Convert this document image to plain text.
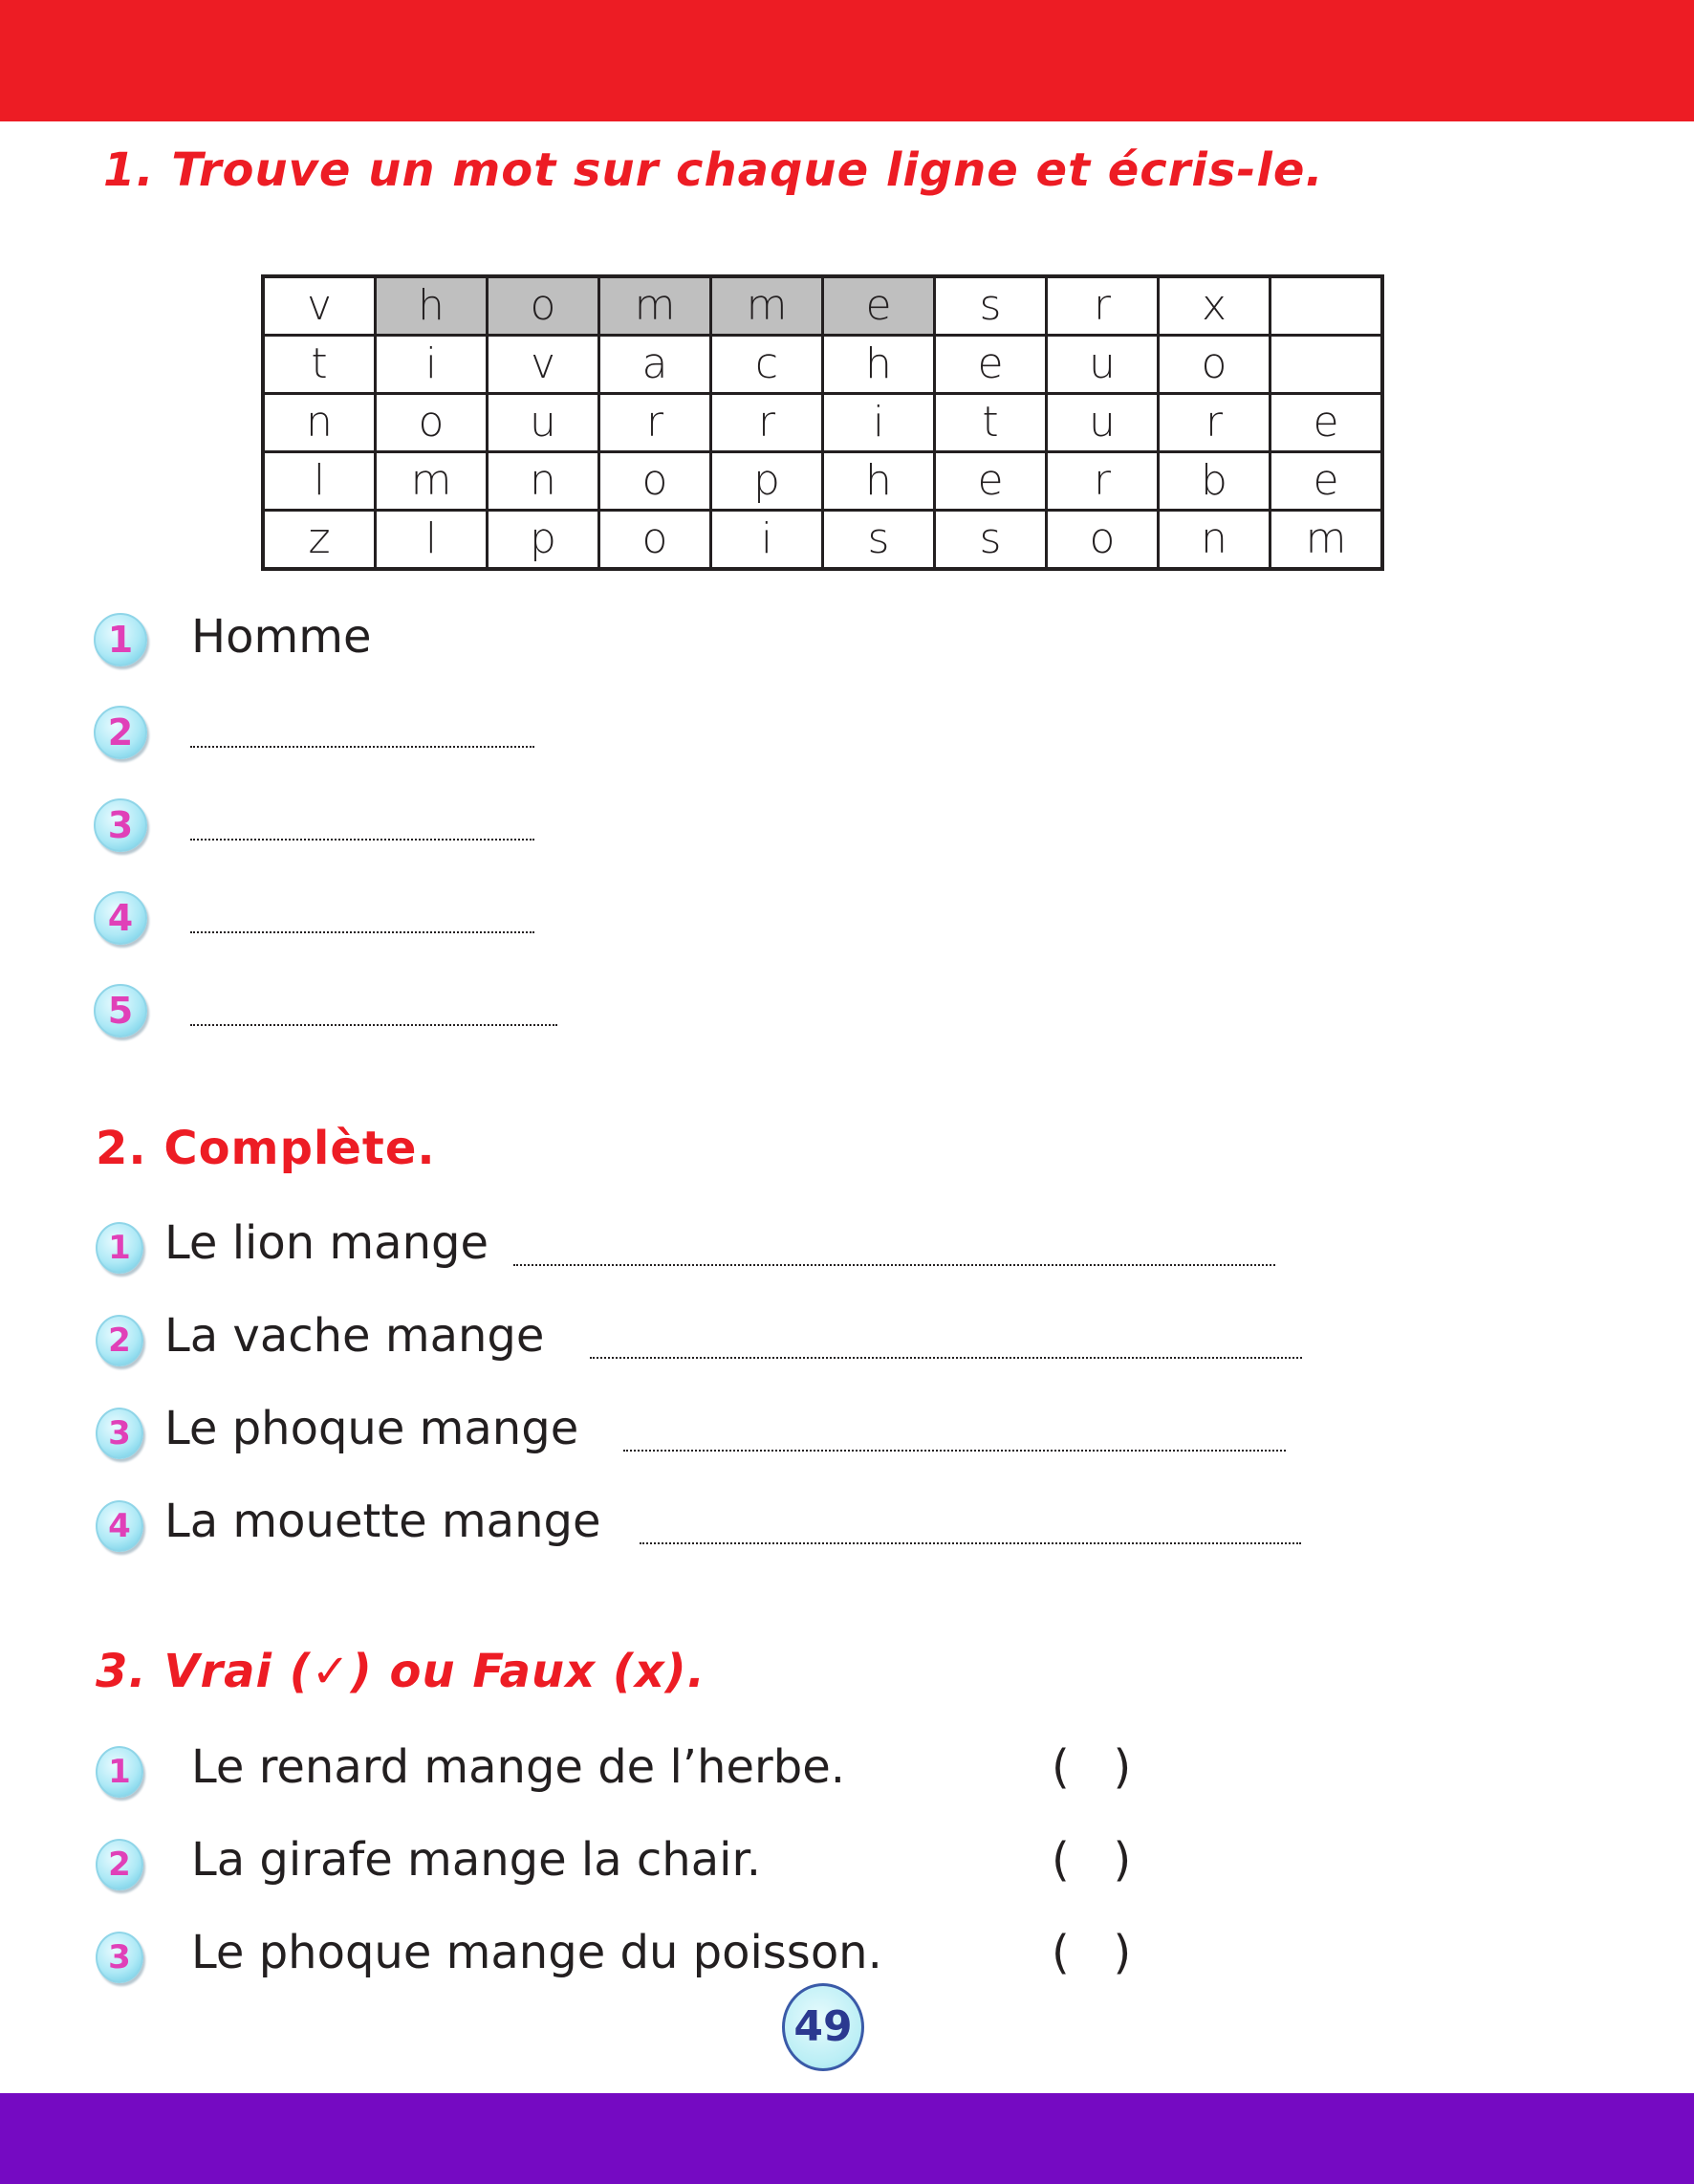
1. Trouve un mot sur chaque ligne et écris-le.
v	h	o	m	m	e	s	r	x	
t	i	v	a	c	h	e	u	o	
n	o	u	r	r	i	t	u	r	e
l	m	n	o	p	h	e	r	b	e
z	l	p	o	i	s	s	o	n	m
1	Homme
2
3
4
5
2. Complète.
1 Le lion mange
2 La vache mange
3 Le phoque mange
4 La mouette mange
3. Vrai (✓) ou Faux (x).
1 Le renard mange de l’herbe.	(   )
2 La girafe mange la chair.	(   )
3 Le phoque mange du poisson.	(   )
49
